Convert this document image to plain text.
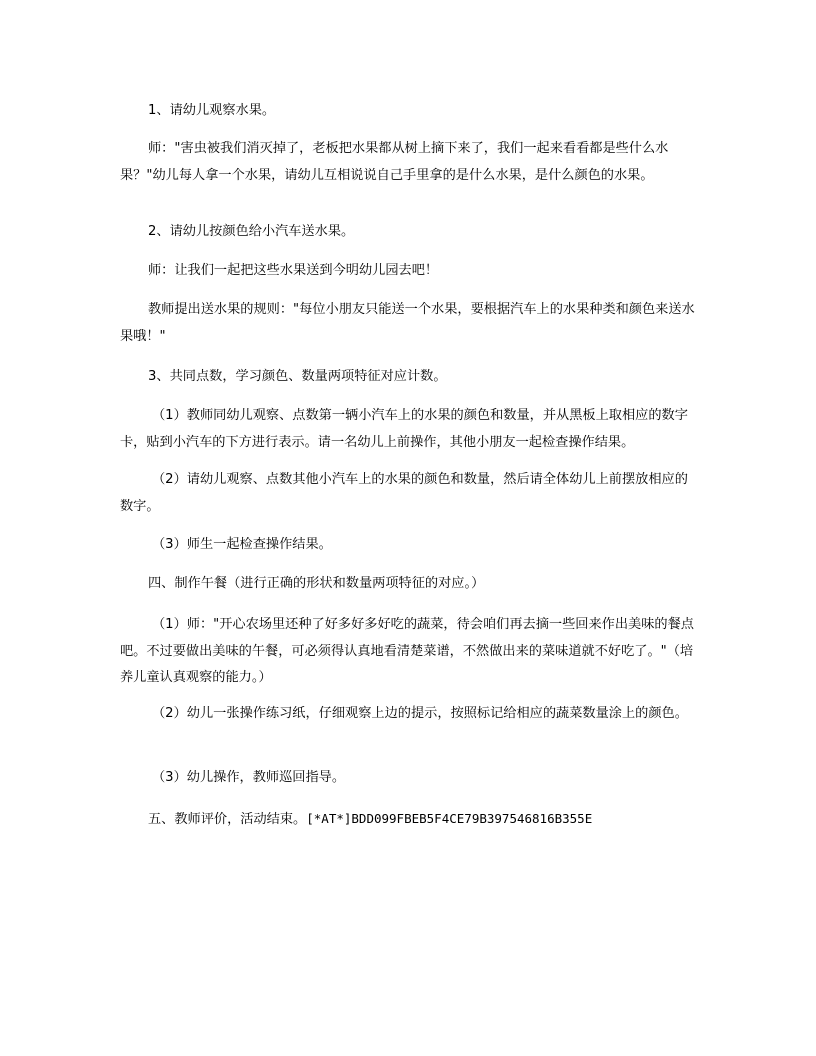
1、请幼儿观察水果。

师："害虫被我们消灭掉了，老板把水果都从树上摘下来了，我们一起来看看都是些什么水果？"幼儿每人拿一个水果，请幼儿互相说说自己手里拿的是什么水果，是什么颜色的水果。

2、请幼儿按颜色给小汽车送水果。

师：让我们一起把这些水果送到今明幼儿园去吧！

教师提出送水果的规则："每位小朋友只能送一个水果，要根据汽车上的水果种类和颜色来送水果哦！"

3、共同点数，学习颜色、数量两项特征对应计数。

（1）教师同幼儿观察、点数第一辆小汽车上的水果的颜色和数量，并从黑板上取相应的数字卡，贴到小汽车的下方进行表示。请一名幼儿上前操作，其他小朋友一起检查操作结果。

（2）请幼儿观察、点数其他小汽车上的水果的颜色和数量，然后请全体幼儿上前摆放相应的数字。

（3）师生一起检查操作结果。

四、制作午餐（进行正确的形状和数量两项特征的对应。）

（1）师："开心农场里还种了好多好多好吃的蔬菜，待会咱们再去摘一些回来作出美味的餐点吧。不过要做出美味的午餐，可必须得认真地看清楚菜谱，不然做出来的菜味道就不好吃了。"（培养儿童认真观察的能力。）

（2）幼儿一张操作练习纸，仔细观察上边的提示，按照标记给相应的蔬菜数量涂上的颜色。

（3）幼儿操作，教师巡回指导。

五、教师评价，活动结束。[*AT*]BDD099FBEB5F4CE79B397546816B355E
